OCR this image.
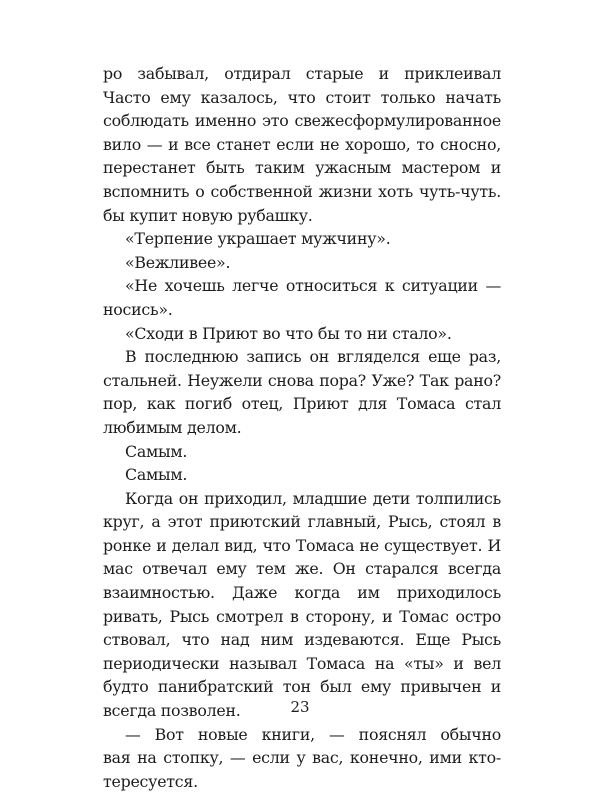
ро забывал, отдирал старые и приклеивал
Часто ему казалось, что стоит только начать
соблюдать именно это свежесформулированное
вило — и все станет если не хорошо, то сносно,
перестанет быть таким ужасным мастером и
вспомнить о собственной жизни хоть чуть-чуть.
бы купит новую рубашку.
«Терпение украшает мужчину».
«Вежливее».
«Не хочешь легче относиться к ситуации —
носись».
«Сходи в Приют во что бы то ни стало».
В последнюю запись он вгляделся еще раз,
стальней. Неужели снова пора? Уже? Так рано?
пор, как погиб отец, Приют для Томаса стал
любимым делом.
Самым.
Самым.
Когда он приходил, младшие дети толпились
круг, а этот приютский главный, Рысь, стоял в
ронке и делал вид, что Томаса не существует. И
мас отвечал ему тем же. Он старался всегда
взаимностью. Даже когда им приходилось
ривать, Рысь смотрел в сторону, и Томас остро
ствовал, что над ним издеваются. Еще Рысь
периодически называл Томаса на «ты» и вел
будто панибратский тон был ему привычен и
всегда позволен.
— Вот новые книги, — пояснял обычно
вая на стопку, — если у вас, конечно, ими кто-
тересуется.
23
